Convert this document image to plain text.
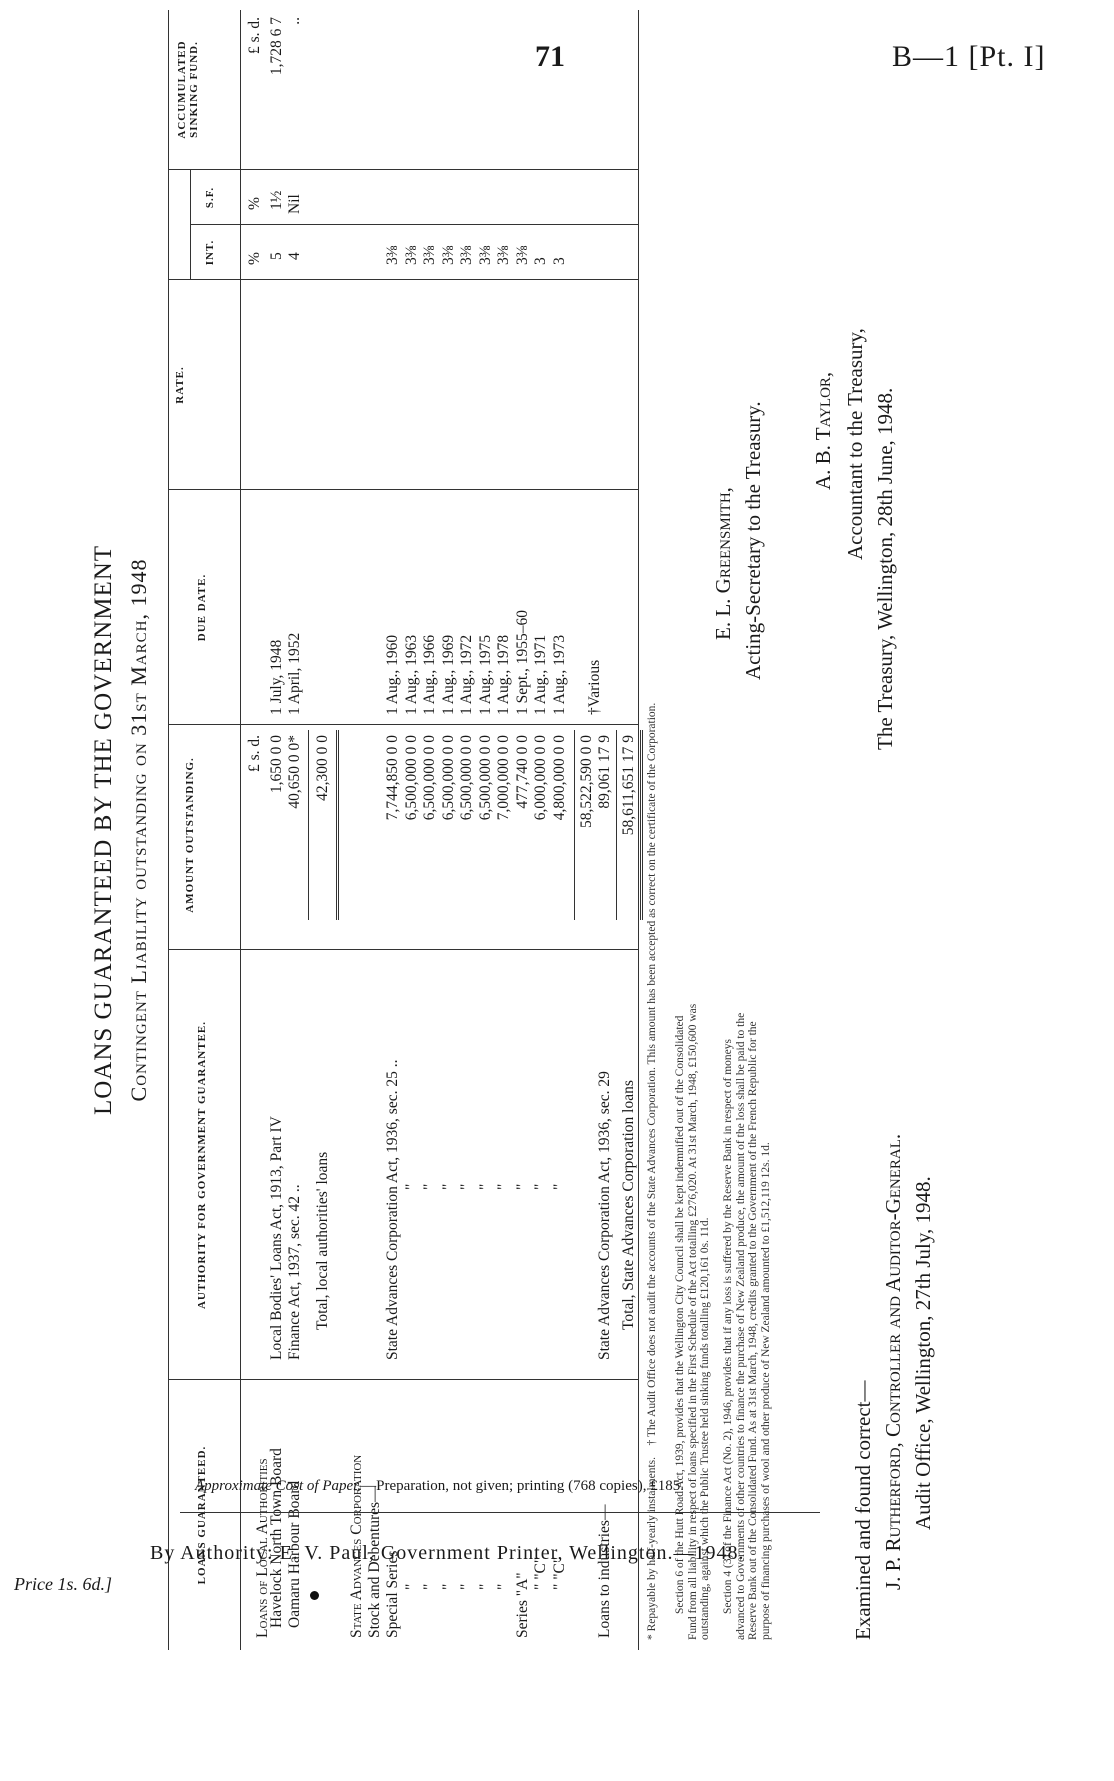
71	B—1 [Pt. I]
LOANS GUARANTEED BY THE GOVERNMENT Contingent Liability outstanding on 31st March, 1948
LOANS GUARANTEED.
AUTHORITY FOR GOVERNMENT GUARANTEE.
AMOUNT OUTSTANDING.
DUE DATE.
RATE.
INT.
S.F.
ACCUMULATED SINKING FUND.
£ s. d.
%
%
£ s. d.
Loans of Local Authorities
Havelock North Town Board
Local Bodies' Loans Act, 1913, Part IV
1,650 0 0
1 July, 1948
5
1½
1,728 6 7
Oamaru Harbour Board
Finance Act, 1937, sec. 42 ..
40,650 0 0*
1 April, 1952
4
Nil
..
Total, local authorities' loans
42,300 0 0
State Advances Corporation Stock and Debentures— Special Series
State Advances Corporation Act, 1936, sec. 25 ..
7,744,850 0 0
1 Aug., 1960
3⅜
"
"
6,500,000 0 0
1 Aug., 1963
3⅜
"
"
6,500,000 0 0
1 Aug., 1966
3⅜
"
"
6,500,000 0 0
1 Aug., 1969
3⅜
"
"
6,500,000 0 0
1 Aug., 1972
3⅜
"
"
6,500,000 0 0
1 Aug., 1975
3⅜
"
"
7,000,000 0 0
1 Aug., 1978
3⅜
Series "A"
"
477,740 0 0
1 Sept., 1955–60
3⅜
" "C"
"
6,000,000 0 0
1 Aug., 1971
3
" "C"
"
4,800,000 0 0
1 Aug., 1973
3
58,522,590 0 0
Loans to industries—
State Advances Corporation Act, 1936, sec. 29
89,061 17 9
†Various
Total, State Advances Corporation loans
58,611,651 17 9
* Repayable by half-yearly instalments.    † The Audit Office does not audit the accounts of the State Advances Corporation. This amount has been accepted as correct on the certificate of the Corporation. Section 6 of the Hutt Road Act, 1939, provides that the Wellington City Council shall be kept indemnified out of the Consolidated Fund from all liability in respect of loans specified in the First Schedule of the Act totalling £276,020. At 31st March, 1948, £150,600 was outstanding, against which the Public Trustee held sinking funds totalling £120,161 0s. 11d. Section 4 (3) of the Finance Act (No. 2), 1946, provides that if any loss is suffered by the Reserve Bank in respect of moneys advanced to Governments of other countries to finance the purchase of New Zealand produce, the amount of the loss shall be paid to the Reserve Bank out of the Consolidated Fund. As at 31st March, 1948, credits granted to the Government of the French Republic for the purpose of financing purchases of wool and other produce of New Zealand amounted to £1,512,119 12s. 1d.
E. L. Greensmith, Acting-Secretary to the Treasury. A. B. Taylor, Accountant to the Treasury, The Treasury, Wellington, 28th June, 1948.
Examined and found correct— J. P. Rutherford, Controller and Auditor-General. Audit Office, Wellington, 27th July, 1948.
Approximate Cost of Paper.—Preparation, not given; printing (768 copies), £185.
By Authority: E. V. Paul, Government Printer, Wellington.—1948.
Price 1s. 6d.]
